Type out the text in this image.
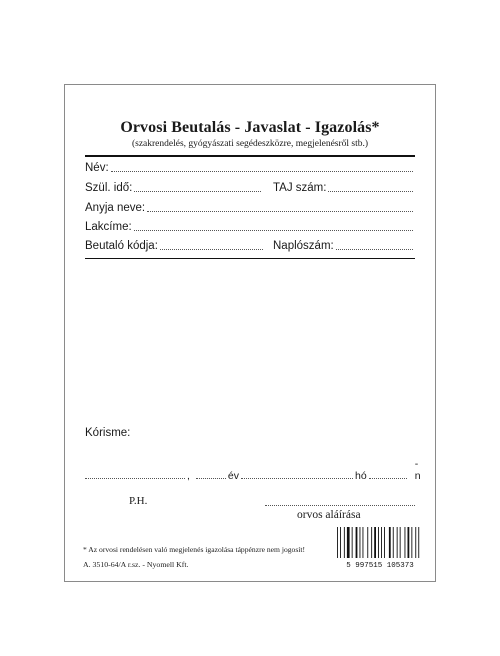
Orvosi Beutalás - Javaslat - Igazolás*
(szakrendelés, gyógyászati segédeszközre, megjelenésről stb.)
Név:
Szül. idő:	TAJ szám:
Anyja neve:
Lakcíme:
Beutaló kódja:	Naplószám:
Kórisme:
,	év	hó
-n
P.H.
orvos aláírása
* Az orvosi rendelésen való megjelenés igazolása táppénzre nem jogosít!
A. 3510-64/A r.sz. - Nyomell Kft.	5 997515 105373
